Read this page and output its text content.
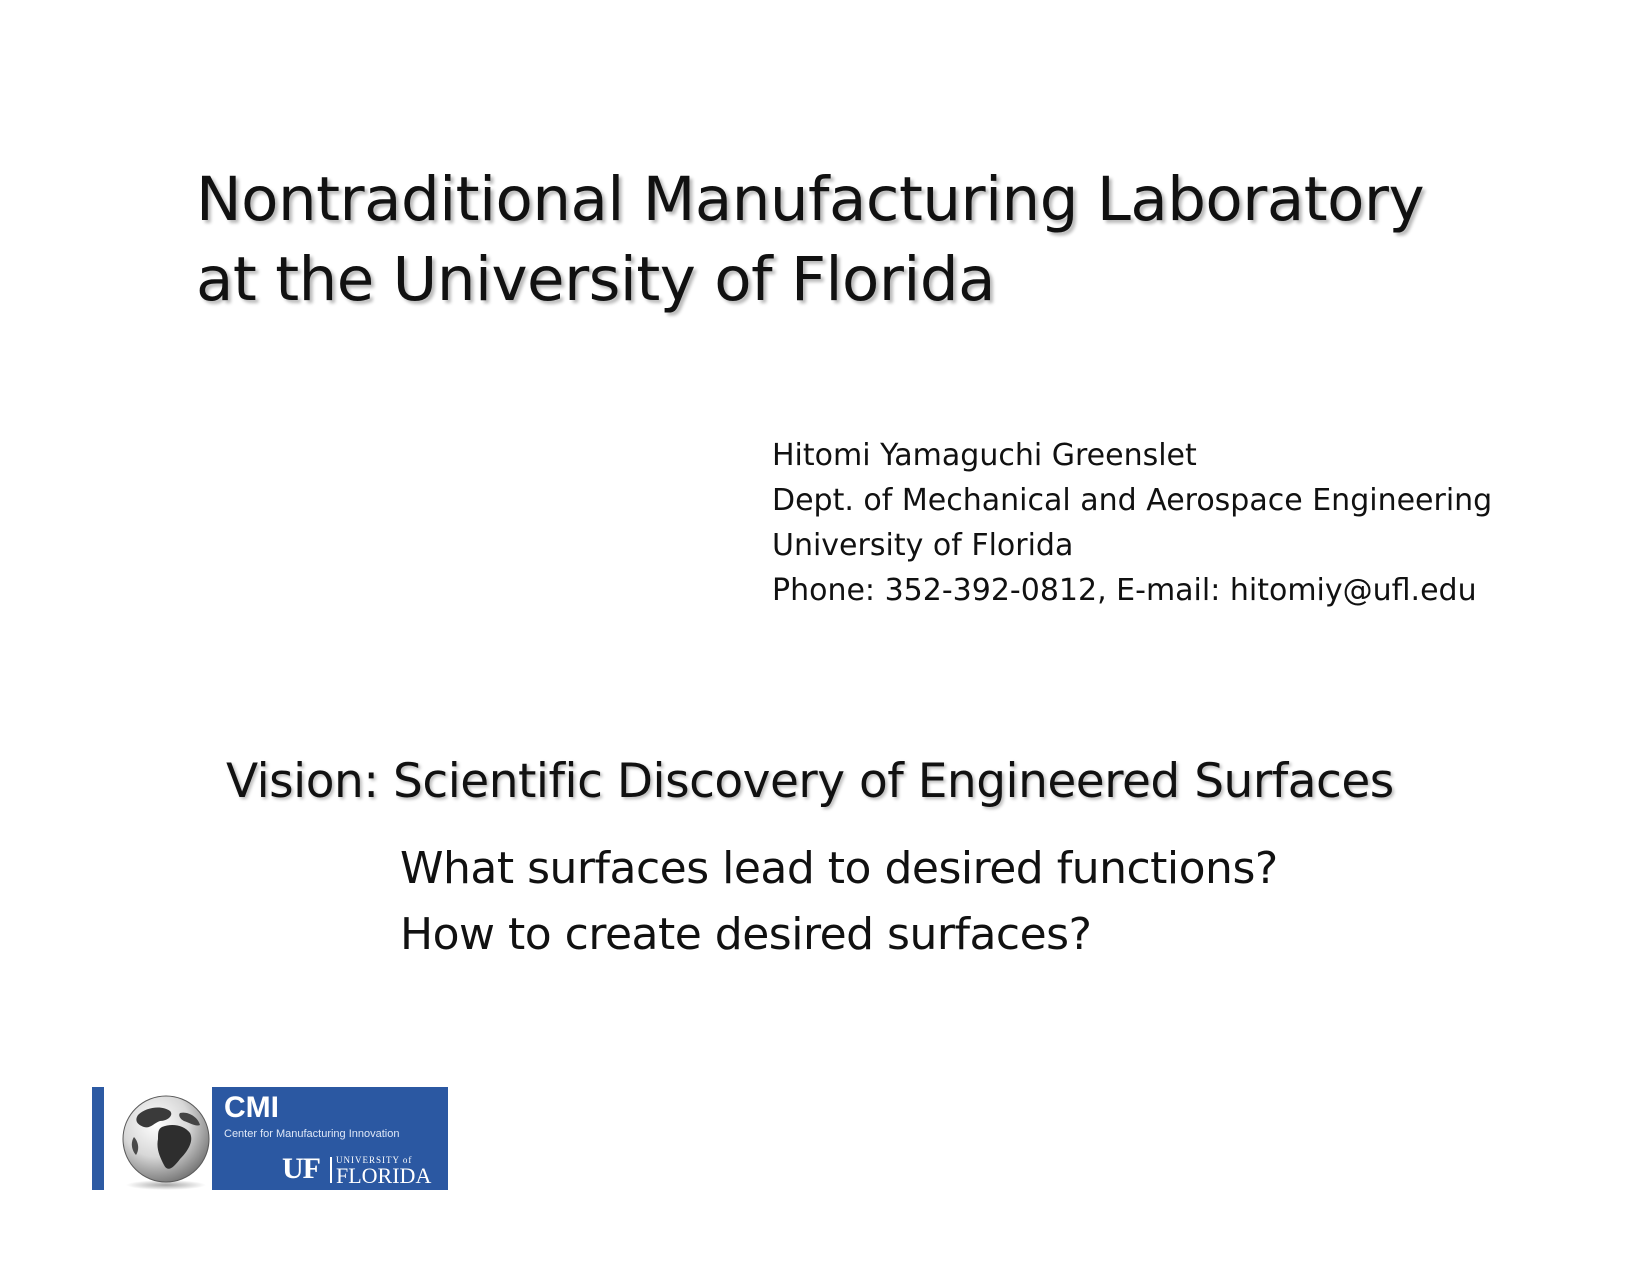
Nontraditional Manufacturing Laboratory
at the University of Florida
Hitomi Yamaguchi Greenslet
Dept. of Mechanical and Aerospace Engineering
University of Florida
Phone: 352-392-0812, E-mail: hitomiy@ufl.edu
Vision: Scientific Discovery of Engineered Surfaces
What surfaces lead to desired functions?
How to create desired surfaces?
CMI
Center for Manufacturing Innovation
UF UNIVERSITY of
FLORIDA
